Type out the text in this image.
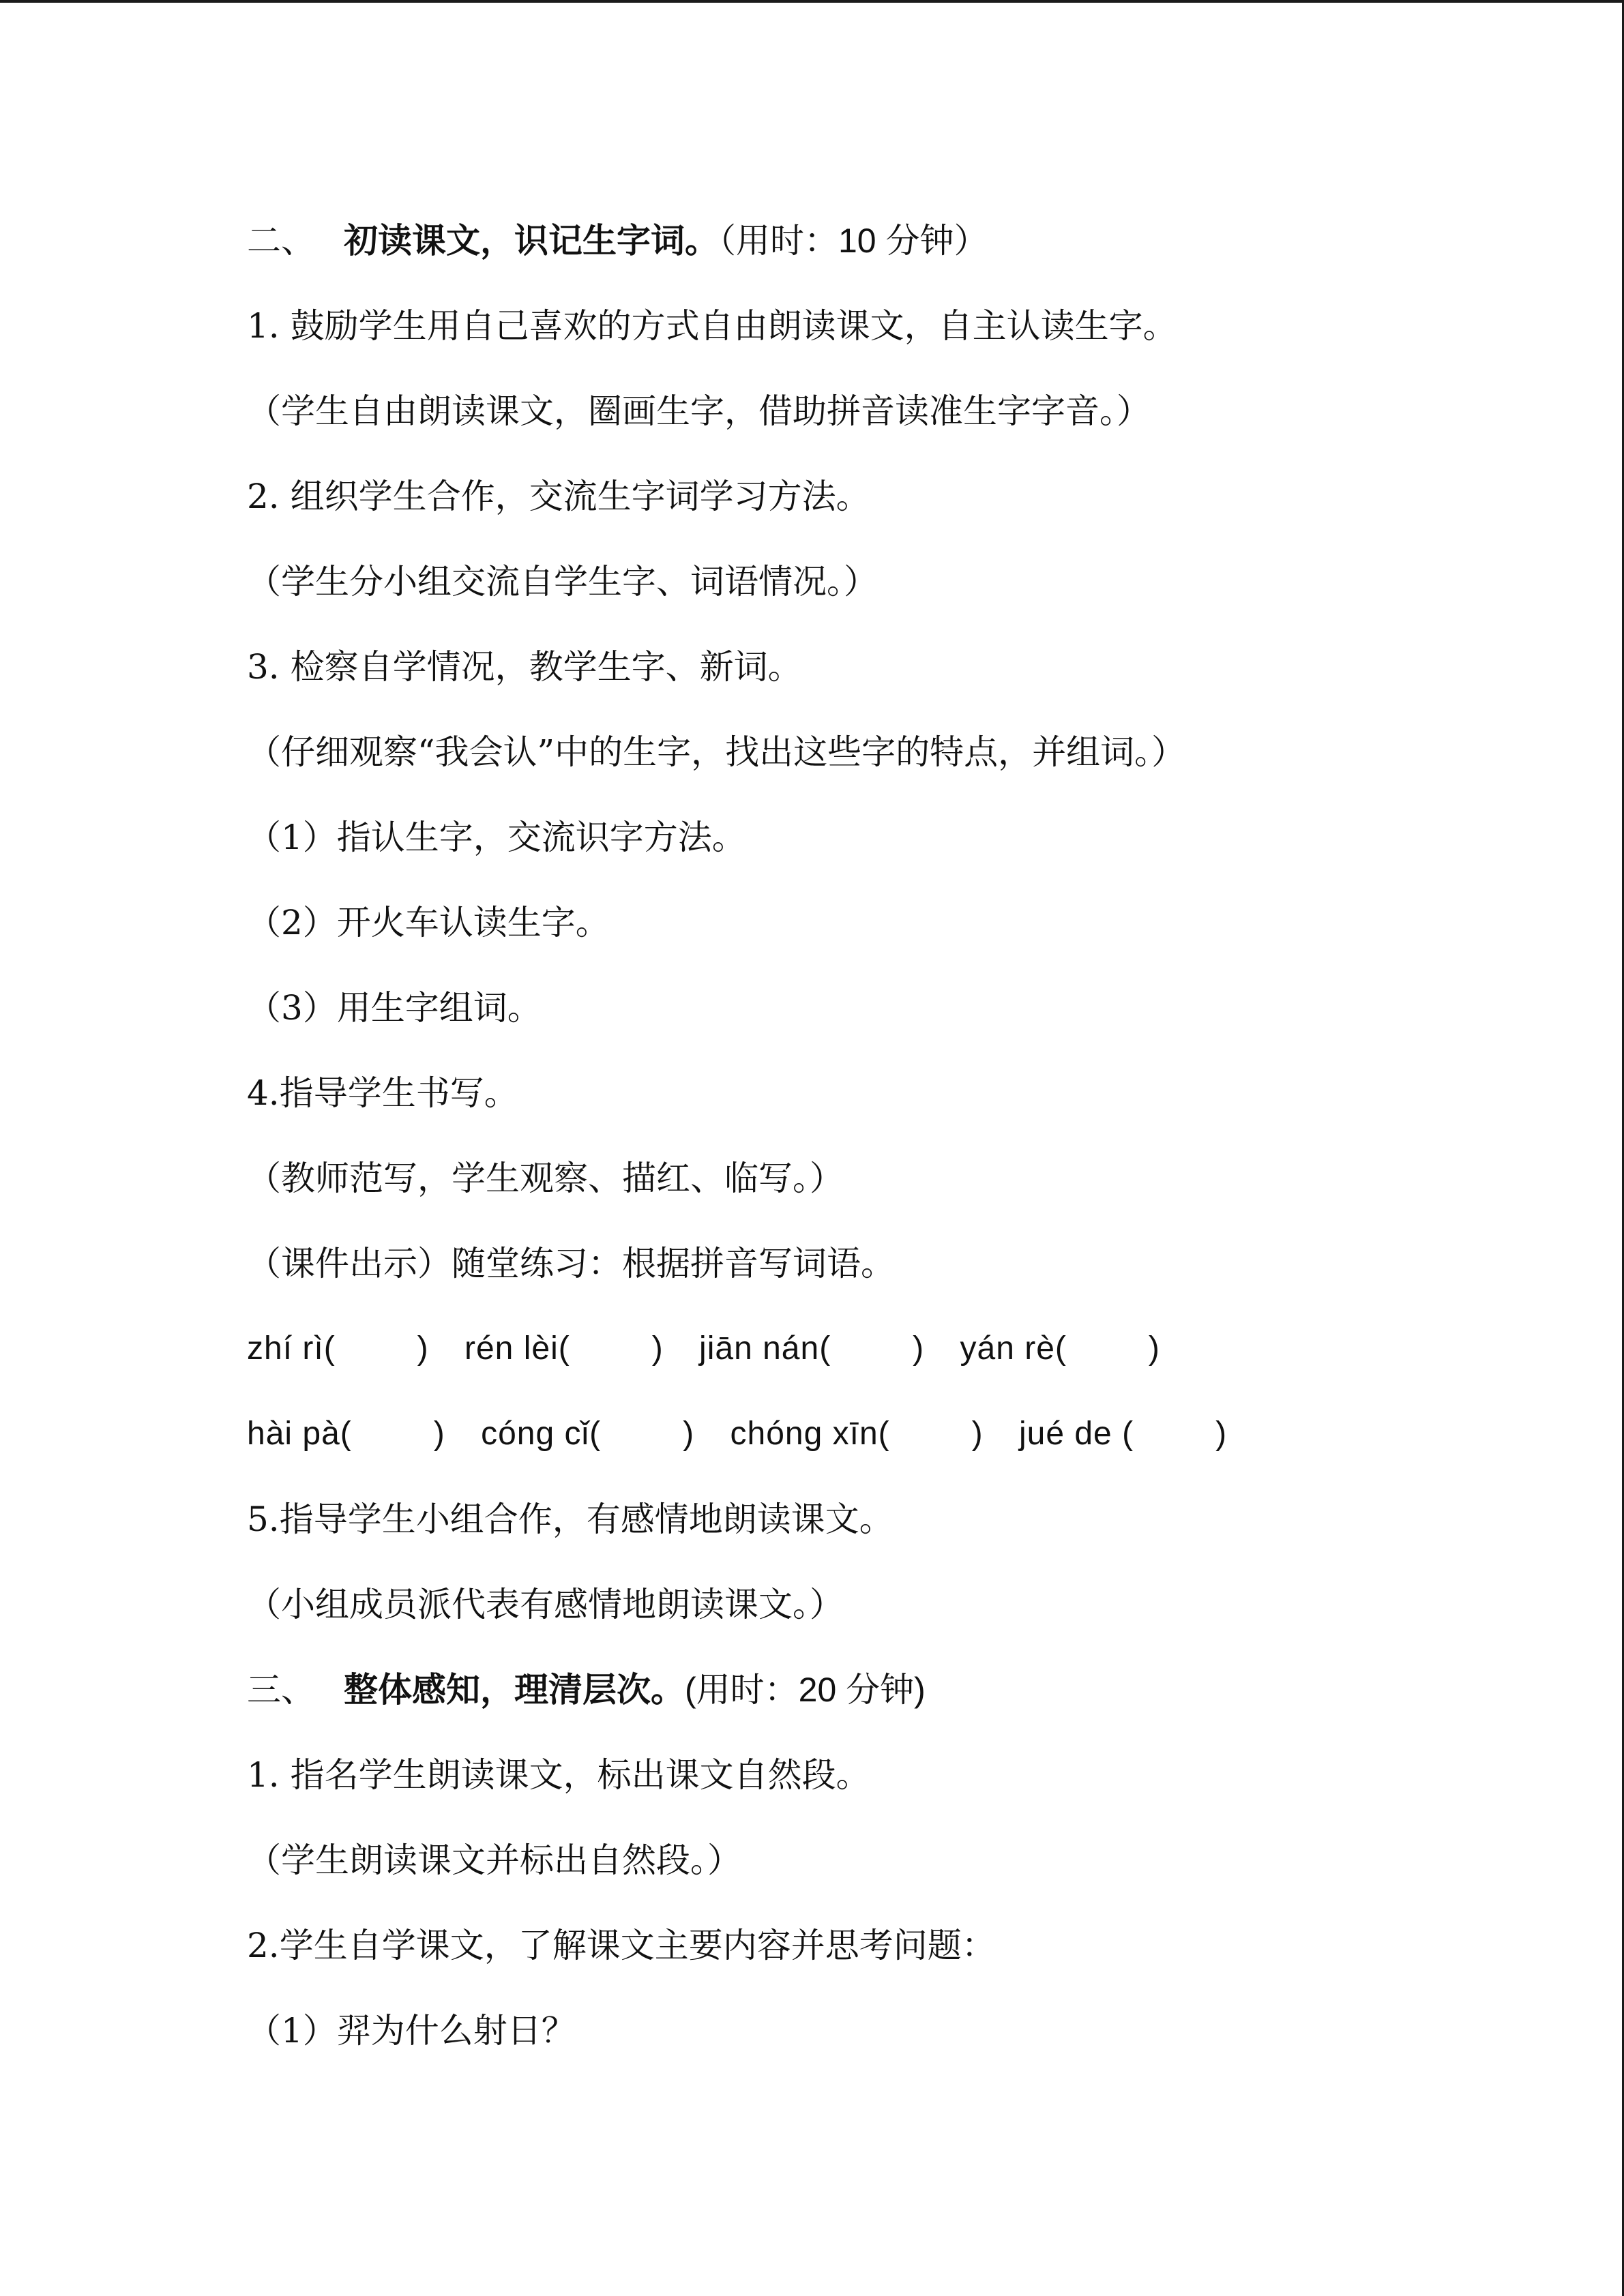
二、 初读课文，识记生字词。（用时：10 分钟）
1. 鼓励学生用自己喜欢的方式自由朗读课文，自主认读生字。
（学生自由朗读课文，圈画生字，借助拼音读准生字字音。）
2. 组织学生合作，交流生字词学习方法。
（学生分小组交流自学生字、词语情况。）
3. 检察自学情况，教学生字、新词。
（仔细观察“我会认”中的生字，找出这些字的特点，并组词。）
（1）指认生字，交流识字方法。
（2）开火车认读生字。
（3）用生字组词。
4.指导学生书写。
（教师范写，学生观察、描红、临写。）
（课件出示）随堂练习：根据拼音写词语。
zhí rì(	) rén lèi(	) jiān nán(	) yán rè(	)
hài pà(	) cóng cǐ(	) chóng xīn(	) jué de (	)
5.指导学生小组合作，有感情地朗读课文。
（小组成员派代表有感情地朗读课文。）
三、 整体感知，理清层次。(用时：20 分钟)
1. 指名学生朗读课文，标出课文自然段。
（学生朗读课文并标出自然段。）
2.学生自学课文，了解课文主要内容并思考问题：
（1）羿为什么射日？
